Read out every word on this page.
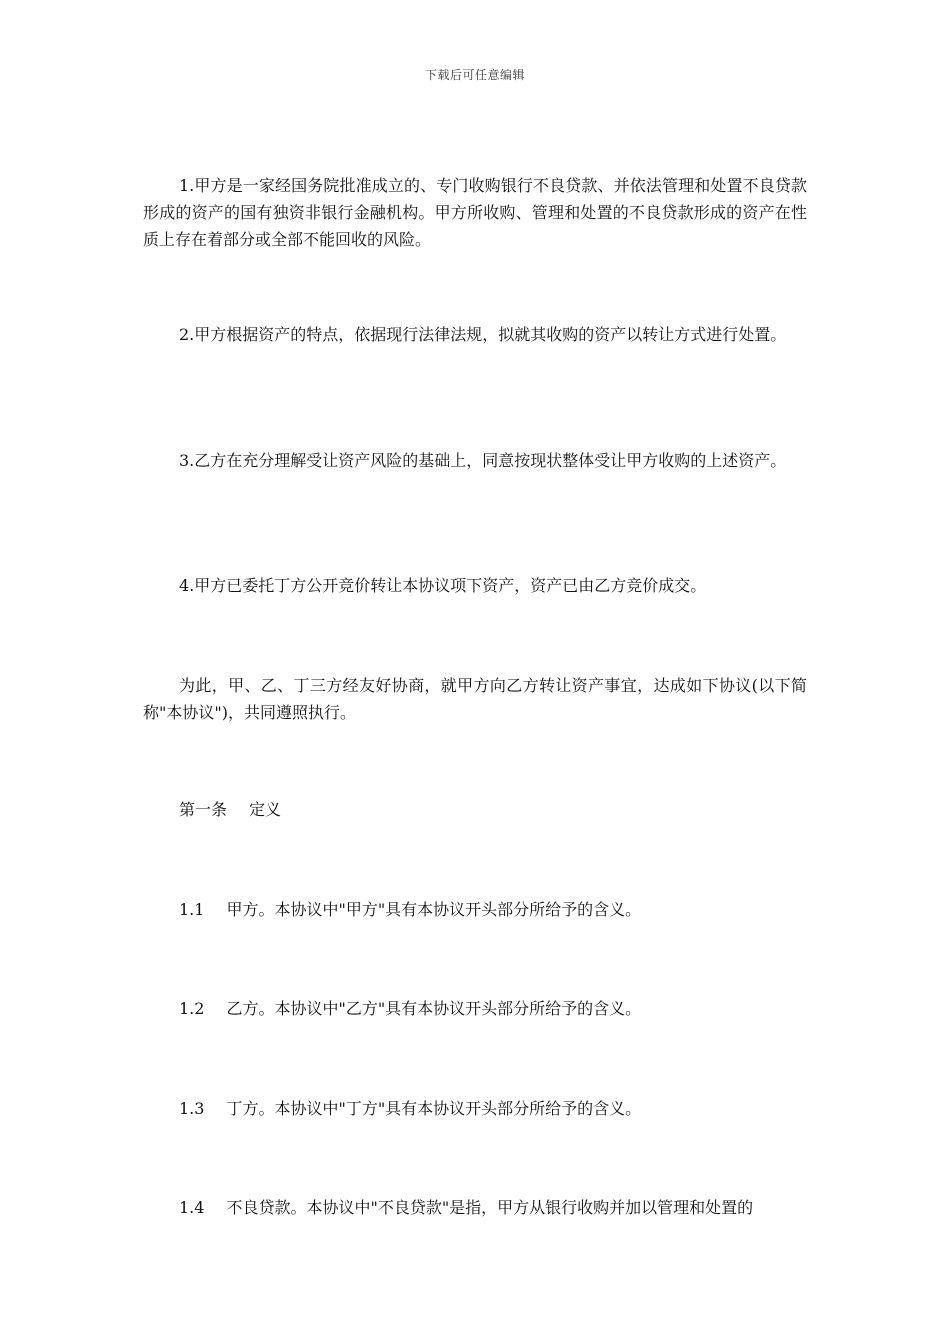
下载后可任意编辑

1.甲方是一家经国务院批准成立的、专门收购银行不良贷款、并依法管理和处置不良贷款形成的资产的国有独资非银行金融机构。甲方所收购、管理和处置的不良贷款形成的资产在性质上存在着部分或全部不能回收的风险。

2.甲方根据资产的特点，依据现行法律法规，拟就其收购的资产以转让方式进行处置。

3.乙方在充分理解受让资产风险的基础上，同意按现状整体受让甲方收购的上述资产。

4.甲方已委托丁方公开竞价转让本协议项下资产，资产已由乙方竞价成交。

为此，甲、乙、丁三方经友好协商，就甲方向乙方转让资产事宜，达成如下协议(以下简称"本协议")，共同遵照执行。

第一条 定义

1.1 甲方。本协议中"甲方"具有本协议开头部分所给予的含义。

1.2 乙方。本协议中"乙方"具有本协议开头部分所给予的含义。

1.3 丁方。本协议中"丁方"具有本协议开头部分所给予的含义。

1.4 不良贷款。本协议中"不良贷款"是指，甲方从银行收购并加以管理和处置的
